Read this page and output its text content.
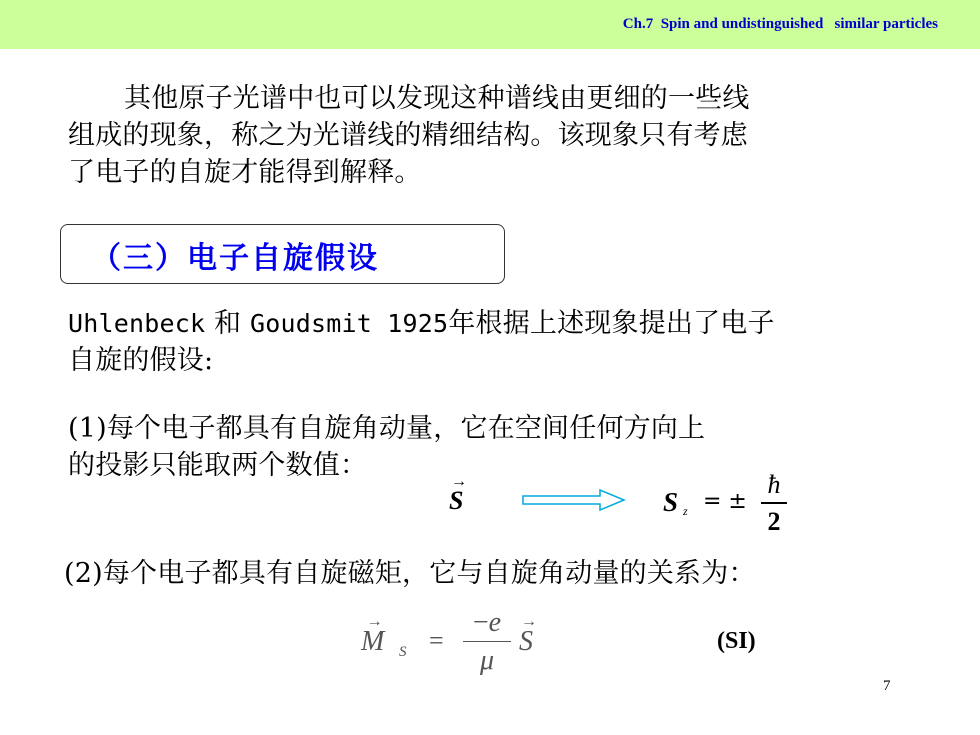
Ch.7  Spin and undistinguished   similar particles
其他原子光谱中也可以发现这种谱线由更细的一些线
组成的现象，称之为光谱线的精细结构。该现象只有考虑
了电子的自旋才能得到解释。
（三）电子自旋假设
Uhlenbeck 和 Goudsmit 1925年根据上述现象提出了电子
自旋的假设:
(1)每个电子都具有自旋角动量，它在空间任何方向上
的投影只能取两个数值：
→
S	S z = ±
ħ
2
(2)每个电子都具有自旋磁矩，它与自旋角动量的关系为：
→
M S =
−e
μ
→
S	(SI)
7
